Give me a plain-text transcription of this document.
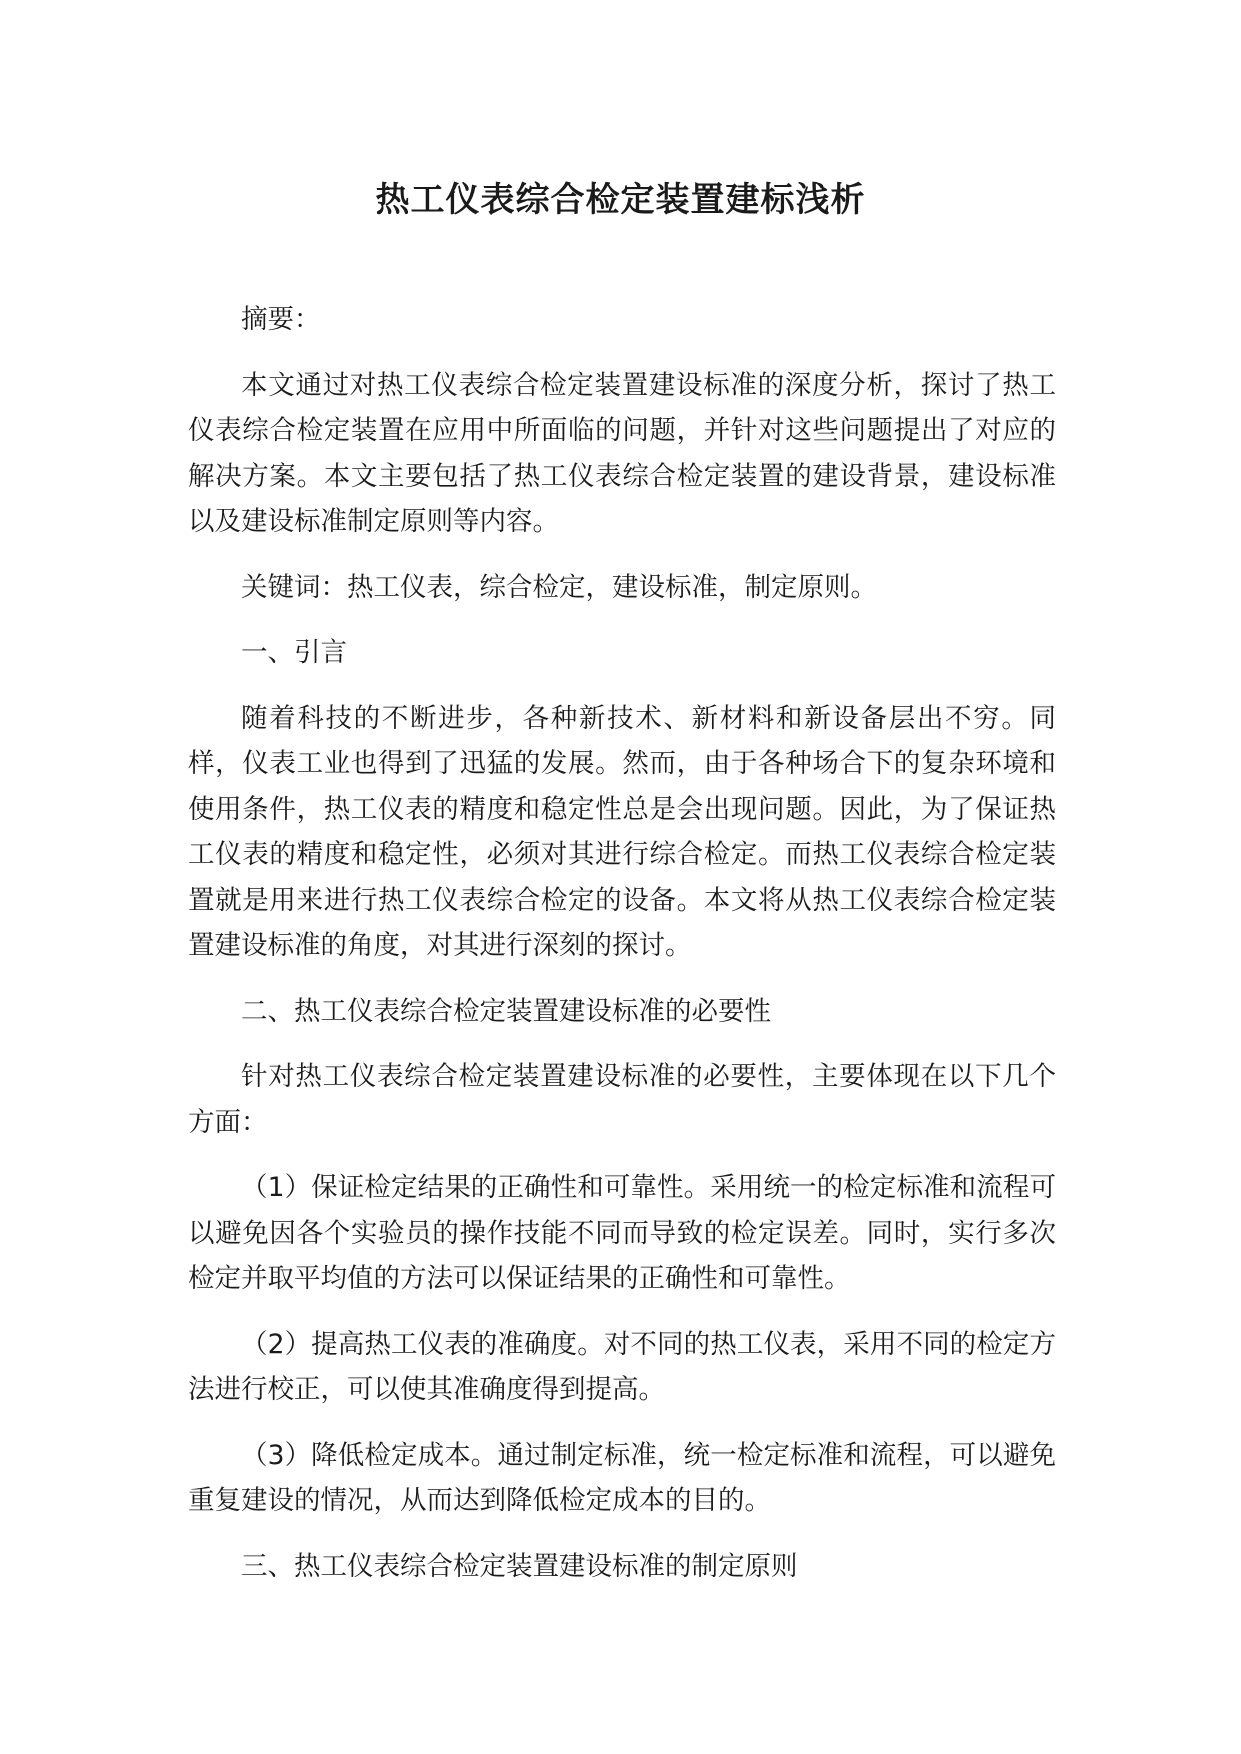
热工仪表综合检定装置建标浅析

摘要：

本文通过对热工仪表综合检定装置建设标准的深度分析，探讨了热工仪表综合检定装置在应用中所面临的问题，并针对这些问题提出了对应的解决方案。本文主要包括了热工仪表综合检定装置的建设背景，建设标准以及建设标准制定原则等内容。

关键词：热工仪表，综合检定，建设标准，制定原则。

一、引言

随着科技的不断进步，各种新技术、新材料和新设备层出不穷。同样，仪表工业也得到了迅猛的发展。然而，由于各种场合下的复杂环境和使用条件，热工仪表的精度和稳定性总是会出现问题。因此，为了保证热工仪表的精度和稳定性，必须对其进行综合检定。而热工仪表综合检定装置就是用来进行热工仪表综合检定的设备。本文将从热工仪表综合检定装置建设标准的角度，对其进行深刻的探讨。

二、热工仪表综合检定装置建设标准的必要性

针对热工仪表综合检定装置建设标准的必要性，主要体现在以下几个方面：

（1）保证检定结果的正确性和可靠性。采用统一的检定标准和流程可以避免因各个实验员的操作技能不同而导致的检定误差。同时，实行多次检定并取平均值的方法可以保证结果的正确性和可靠性。

（2）提高热工仪表的准确度。对不同的热工仪表，采用不同的检定方法进行校正，可以使其准确度得到提高。

（3）降低检定成本。通过制定标准，统一检定标准和流程，可以避免重复建设的情况，从而达到降低检定成本的目的。

三、热工仪表综合检定装置建设标准的制定原则
